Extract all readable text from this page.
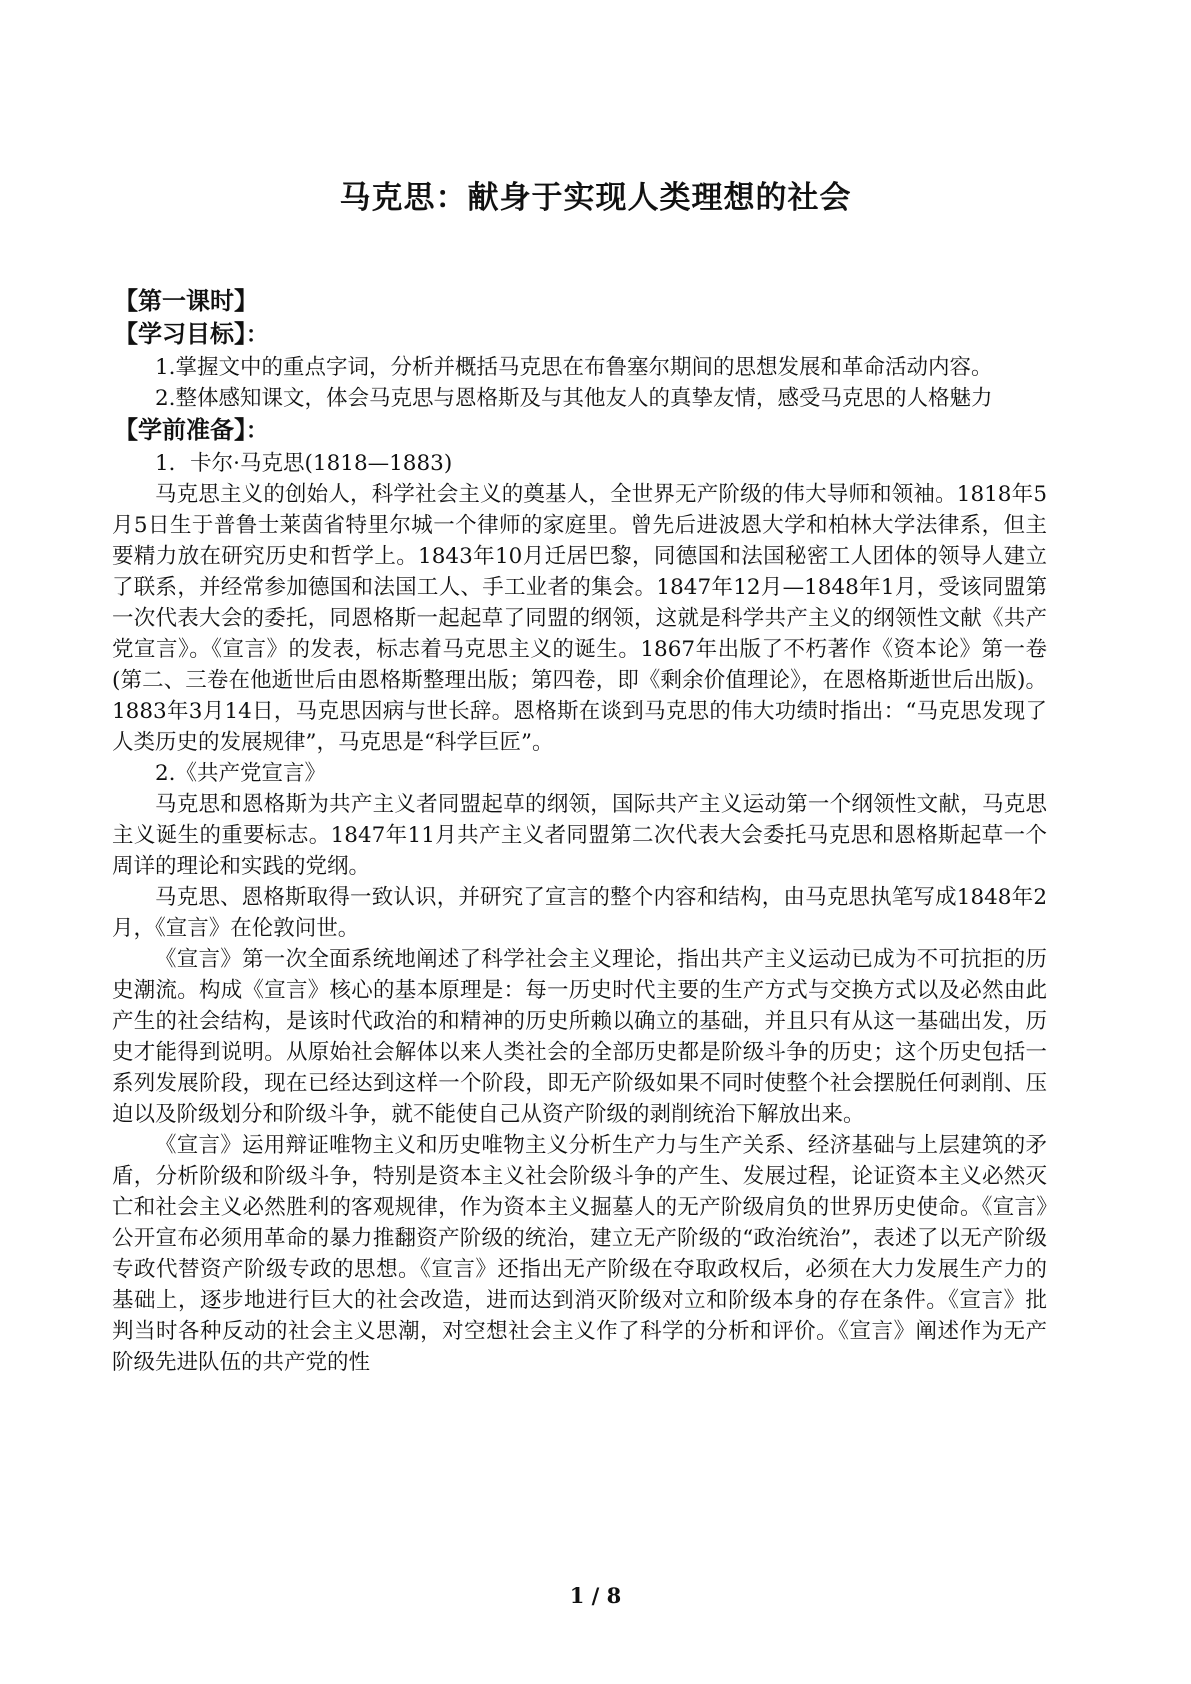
马克思：献身于实现人类理想的社会
【第一课时】
【学习目标】：

1.掌握文中的重点字词，分析并概括马克思在布鲁塞尔期间的思想发展和革命活动内容。

2.整体感知课文，体会马克思与恩格斯及与其他友人的真挚友情，感受马克思的人格魅力

【学前准备】：

1．卡尔·马克思(1818—1883)

马克思主义的创始人，科学社会主义的奠基人，全世界无产阶级的伟大导师和领袖。1818年5月5日生于普鲁士莱茵省特里尔城一个律师的家庭里。曾先后进波恩大学和柏林大学法律系，但主要精力放在研究历史和哲学上。1843年10月迁居巴黎，同德国和法国秘密工人团体的领导人建立了联系，并经常参加德国和法国工人、手工业者的集会。1847年12月—1848年1月，受该同盟第一次代表大会的委托，同恩格斯一起起草了同盟的纲领，这就是科学共产主义的纲领性文献《共产党宣言》。《宣言》的发表，标志着马克思主义的诞生。1867年出版了不朽著作《资本论》第一卷(第二、三卷在他逝世后由恩格斯整理出版；第四卷，即《剩余价值理论》，在恩格斯逝世后出版)。1883年3月14日，马克思因病与世长辞。恩格斯在谈到马克思的伟大功绩时指出：“马克思发现了人类历史的发展规律”，马克思是“科学巨匠”。

2.《共产党宣言》

马克思和恩格斯为共产主义者同盟起草的纲领，国际共产主义运动第一个纲领性文献，马克思主义诞生的重要标志。1847年11月共产主义者同盟第二次代表大会委托马克思和恩格斯起草一个周详的理论和实践的党纲。

马克思、恩格斯取得一致认识，并研究了宣言的整个内容和结构，由马克思执笔写成1848年2月，《宣言》在伦敦问世。

《宣言》第一次全面系统地阐述了科学社会主义理论，指出共产主义运动已成为不可抗拒的历史潮流。构成《宣言》核心的基本原理是：每一历史时代主要的生产方式与交换方式以及必然由此产生的社会结构，是该时代政治的和精神的历史所赖以确立的基础，并且只有从这一基础出发，历史才能得到说明。从原始社会解体以来人类社会的全部历史都是阶级斗争的历史；这个历史包括一系列发展阶段，现在已经达到这样一个阶段，即无产阶级如果不同时使整个社会摆脱任何剥削、压迫以及阶级划分和阶级斗争，就不能使自己从资产阶级的剥削统治下解放出来。

《宣言》运用辩证唯物主义和历史唯物主义分析生产力与生产关系、经济基础与上层建筑的矛盾，分析阶级和阶级斗争，特别是资本主义社会阶级斗争的产生、发展过程，论证资本主义必然灭亡和社会主义必然胜利的客观规律，作为资本主义掘墓人的无产阶级肩负的世界历史使命。《宣言》公开宣布必须用革命的暴力推翻资产阶级的统治，建立无产阶级的“政治统治”，表述了以无产阶级专政代替资产阶级专政的思想。《宣言》还指出无产阶级在夺取政权后，必须在大力发展生产力的基础上，逐步地进行巨大的社会改造，进而达到消灭阶级对立和阶级本身的存在条件。《宣言》批判当时各种反动的社会主义思潮，对空想社会主义作了科学的分析和评价。《宣言》阐述作为无产阶级先进队伍的共产党的性

1 / 8
